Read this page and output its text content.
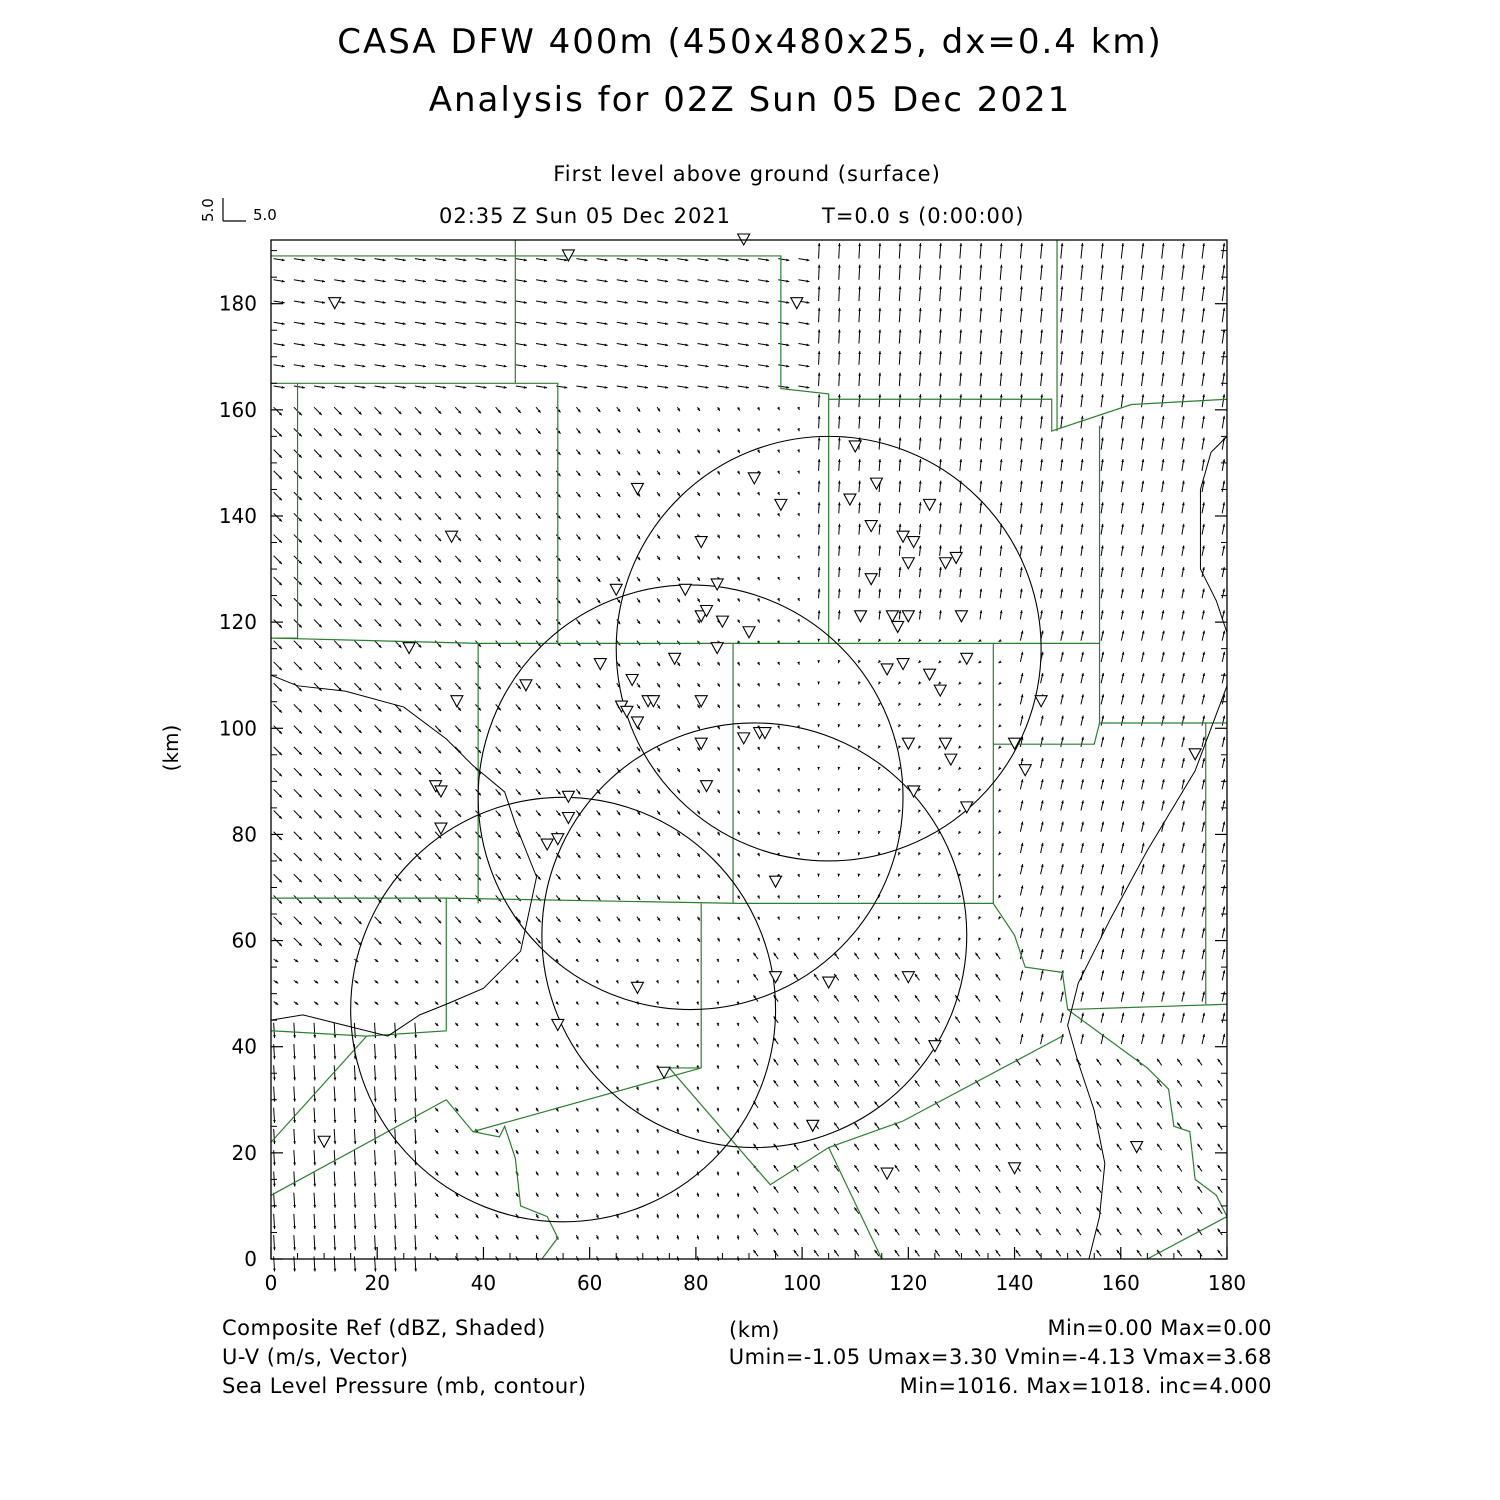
CASA DFW 400m (450x480x25, dx=0.4 km)
Analysis for 02Z Sun 05 Dec 2021
First level above ground (surface)
02:35 Z Sun 05 Dec 2021	T=0.0 s (0:00:00)
5.0
5.0
0	20	40	60	80	100	120	140	160	180
0
20
40
60
80
100
120
140
160
180
(km)
(km)
Composite Ref (dBZ, Shaded)	Min=0.00 Max=0.00
U-V (m/s, Vector)	Umin=-1.05 Umax=3.30 Vmin=-4.13 Vmax=3.68
Sea Level Pressure (mb, contour)	Min=1016. Max=1018. inc=4.000
